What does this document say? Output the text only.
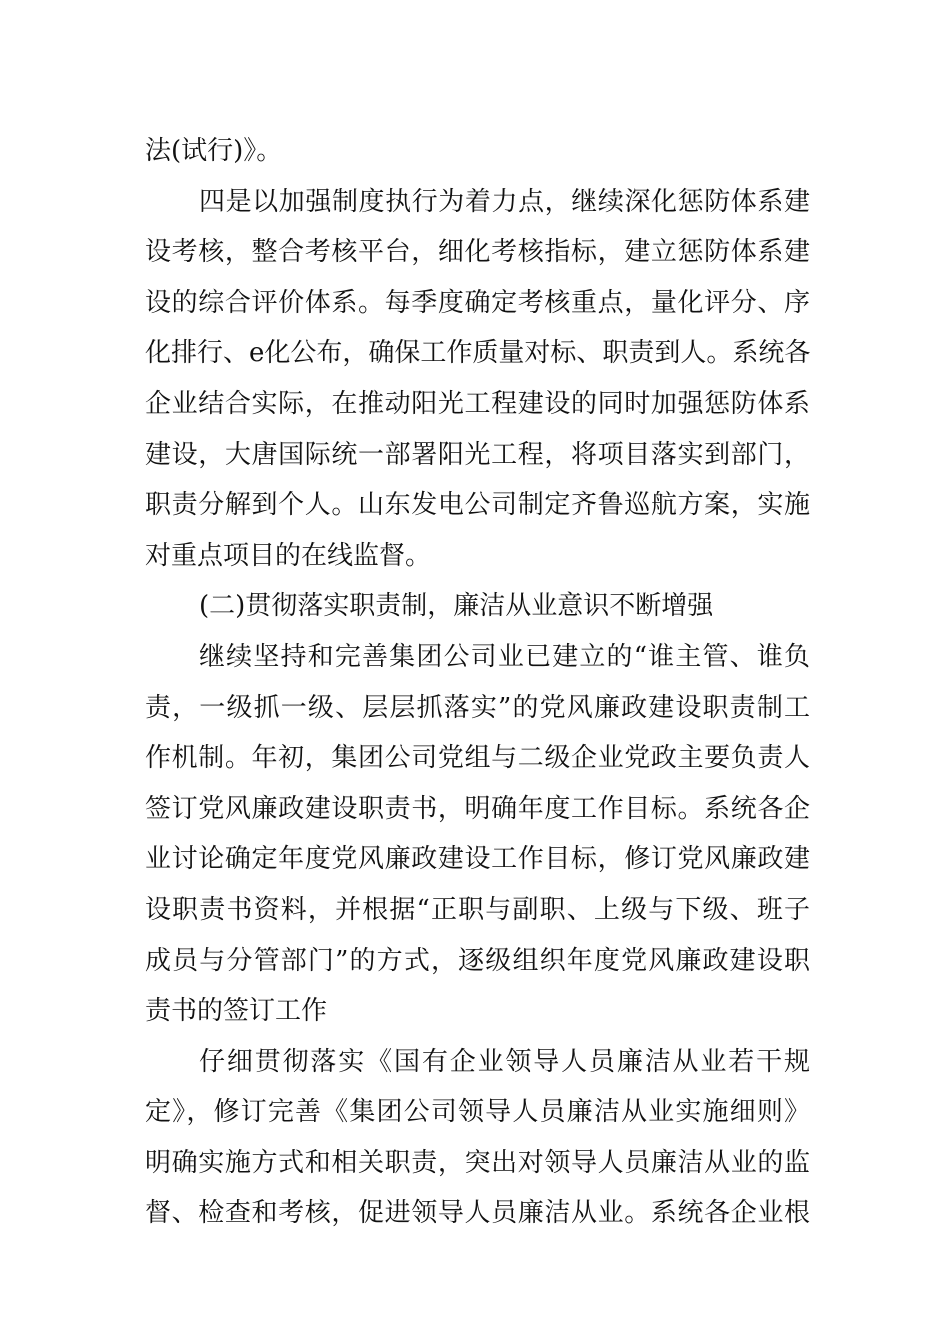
法(试行)》。
四是以加强制度执行为着力点，继续深化惩防体系建
设考核，整合考核平台，细化考核指标，建立惩防体系建
设的综合评价体系。每季度确定考核重点，量化评分、序
化排行、e化公布，确保工作质量对标、职责到人。系统各
企业结合实际，在推动阳光工程建设的同时加强惩防体系
建设，大唐国际统一部署阳光工程，将项目落实到部门，
职责分解到个人。山东发电公司制定齐鲁巡航方案，实施
对重点项目的在线监督。
(二)贯彻落实职责制，廉洁从业意识不断增强
继续坚持和完善集团公司业已建立的“谁主管、谁负
责，一级抓一级、层层抓落实”的党风廉政建设职责制工
作机制。年初，集团公司党组与二级企业党政主要负责人
签订党风廉政建设职责书，明确年度工作目标。系统各企
业讨论确定年度党风廉政建设工作目标，修订党风廉政建
设职责书资料，并根据“正职与副职、上级与下级、班子
成员与分管部门”的方式，逐级组织年度党风廉政建设职
责书的签订工作
仔细贯彻落实《国有企业领导人员廉洁从业若干规
定》，修订完善《集团公司领导人员廉洁从业实施细则》
明确实施方式和相关职责，突出对领导人员廉洁从业的监
督、检查和考核，促进领导人员廉洁从业。系统各企业根
